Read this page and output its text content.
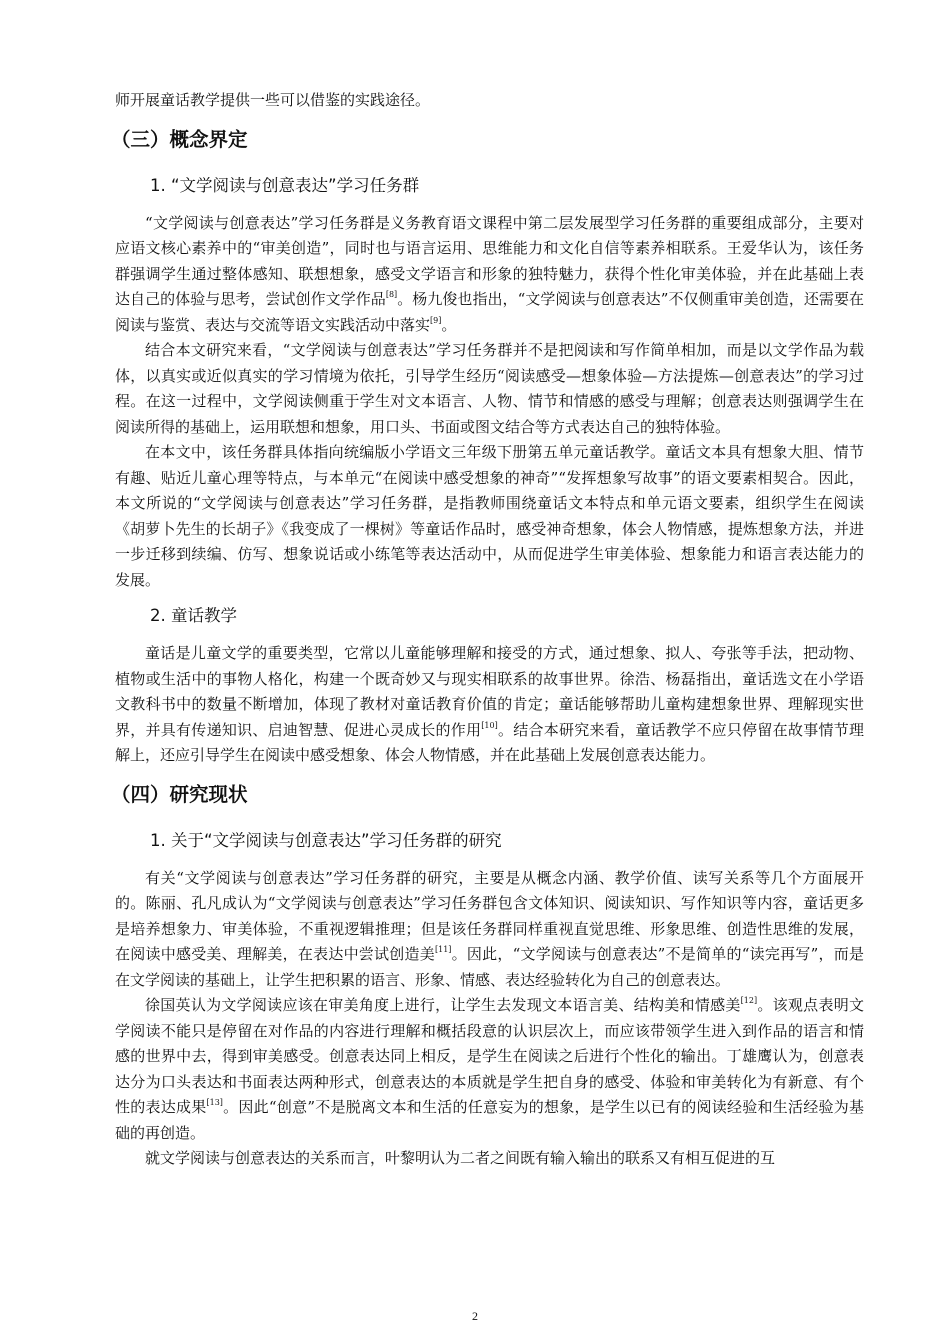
师开展童话教学提供一些可以借鉴的实践途径。

（三）概念界定
1. “文学阅读与创意表达”学习任务群

“文学阅读与创意表达”学习任务群是义务教育语文课程中第二层发展型学习任务群的重要组成部分，主要对应语文核心素养中的“审美创造”，同时也与语言运用、思维能力和文化自信等素养相联系。王爱华认为，该任务群强调学生通过整体感知、联想想象，感受文学语言和形象的独特魅力，获得个性化审美体验，并在此基础上表达自己的体验与思考，尝试创作文学作品[8]。杨九俊也指出，“文学阅读与创意表达”不仅侧重审美创造，还需要在阅读与鉴赏、表达与交流等语文实践活动中落实[9]。

结合本文研究来看，“文学阅读与创意表达”学习任务群并不是把阅读和写作简单相加，而是以文学作品为载体，以真实或近似真实的学习情境为依托，引导学生经历“阅读感受—想象体验—方法提炼—创意表达”的学习过程。在这一过程中，文学阅读侧重于学生对文本语言、人物、情节和情感的感受与理解；创意表达则强调学生在阅读所得的基础上，运用联想和想象，用口头、书面或图文结合等方式表达自己的独特体验。

在本文中，该任务群具体指向统编版小学语文三年级下册第五单元童话教学。童话文本具有想象大胆、情节有趣、贴近儿童心理等特点，与本单元“在阅读中感受想象的神奇”“发挥想象写故事”的语文要素相契合。因此，本文所说的“文学阅读与创意表达”学习任务群，是指教师围绕童话文本特点和单元语文要素，组织学生在阅读《胡萝卜先生的长胡子》《我变成了一棵树》等童话作品时，感受神奇想象，体会人物情感，提炼想象方法，并进一步迁移到续编、仿写、想象说话或小练笔等表达活动中，从而促进学生审美体验、想象能力和语言表达能力的发展。

2. 童话教学

童话是儿童文学的重要类型，它常以儿童能够理解和接受的方式，通过想象、拟人、夸张等手法，把动物、植物或生活中的事物人格化，构建一个既奇妙又与现实相联系的故事世界。徐浩、杨磊指出，童话选文在小学语文教科书中的数量不断增加，体现了教材对童话教育价值的肯定；童话能够帮助儿童构建想象世界、理解现实世界，并具有传递知识、启迪智慧、促进心灵成长的作用[10]。结合本研究来看，童话教学不应只停留在故事情节理解上，还应引导学生在阅读中感受想象、体会人物情感，并在此基础上发展创意表达能力。

（四）研究现状
1. 关于“文学阅读与创意表达”学习任务群的研究

有关“文学阅读与创意表达”学习任务群的研究，主要是从概念内涵、教学价值、读写关系等几个方面展开的。陈丽、孔凡成认为“文学阅读与创意表达”学习任务群包含文体知识、阅读知识、写作知识等内容，童话更多是培养想象力、审美体验，不重视逻辑推理；但是该任务群同样重视直觉思维、形象思维、创造性思维的发展，在阅读中感受美、理解美，在表达中尝试创造美[11]。因此，“文学阅读与创意表达”不是简单的“读完再写”，而是在文学阅读的基础上，让学生把积累的语言、形象、情感、表达经验转化为自己的创意表达。

徐国英认为文学阅读应该在审美角度上进行，让学生去发现文本语言美、结构美和情感美[12]。该观点表明文学阅读不能只是停留在对作品的内容进行理解和概括段意的认识层次上，而应该带领学生进入到作品的语言和情感的世界中去，得到审美感受。创意表达同上相反，是学生在阅读之后进行个性化的输出。丁雄鹰认为，创意表达分为口头表达和书面表达两种形式，创意表达的本质就是学生把自身的感受、体验和审美转化为有新意、有个性的表达成果[13]。因此“创意”不是脱离文本和生活的任意妄为的想象，是学生以已有的阅读经验和生活经验为基础的再创造。

就文学阅读与创意表达的关系而言，叶黎明认为二者之间既有输入输出的联系又有相互促进的互

2
